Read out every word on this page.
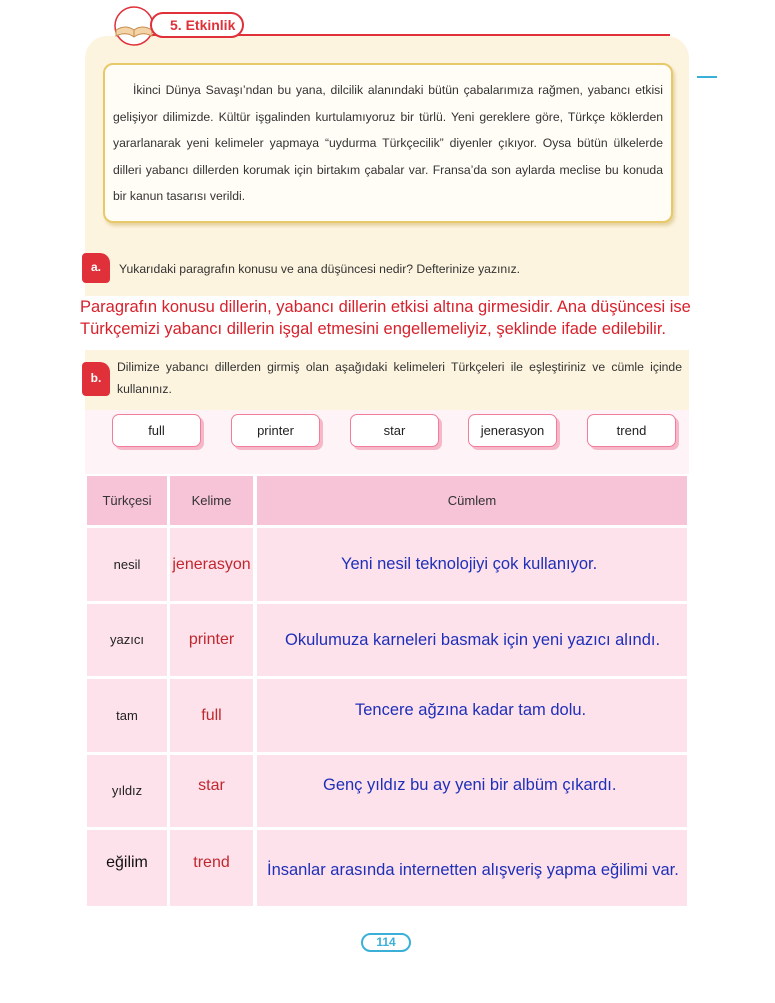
5. Etkinlik

İkinci Dünya Savaşı’ndan bu yana, dilcilik alanındaki bütün çabalarımıza rağmen, yabancı etkisi gelişiyor dilimizde. Kültür işgalinden kurtulamıyoruz bir türlü. Yeni gereklere göre, Türkçe köklerden yararlanarak yeni kelimeler yapmaya “uydurma Türkçecilik” diyenler çıkıyor. Oysa bütün ülkelerde dilleri yabancı dillerden korumak için birtakım çabalar var. Fransa’da son aylarda meclise bu konuda bir kanun tasarısı verildi.

a.	Yukarıdaki paragrafın konusu ve ana düşüncesi nedir? Defterinize yazınız.
Paragrafın konusu dillerin, yabancı dillerin etkisi altına girmesidir. Ana düşüncesi ise Türkçemizi yabancı dillerin işgal etmesini engellemeliyiz, şeklinde ifade edilebilir.
b.
Dilimize yabancı dillerden girmiş olan aşağıdaki kelimeleri Türkçeleri ile eşleştiriniz ve cümle içinde kullanınız.
full	printer	star	jenerasyon	trend
Türkçesi	Kelime	Cümlem
nesil	jenerasyon	Yeni nesil teknolojiyi çok kullanıyor.
yazıcı	printer	Okulumuza karneleri basmak için yeni yazıcı alındı.
tam	full	Tencere ağzına kadar tam dolu.
yıldız	star	Genç yıldız bu ay yeni bir albüm çıkardı.
eğilim	trend	İnsanlar arasında internetten alışveriş yapma eğilimi var.
114
